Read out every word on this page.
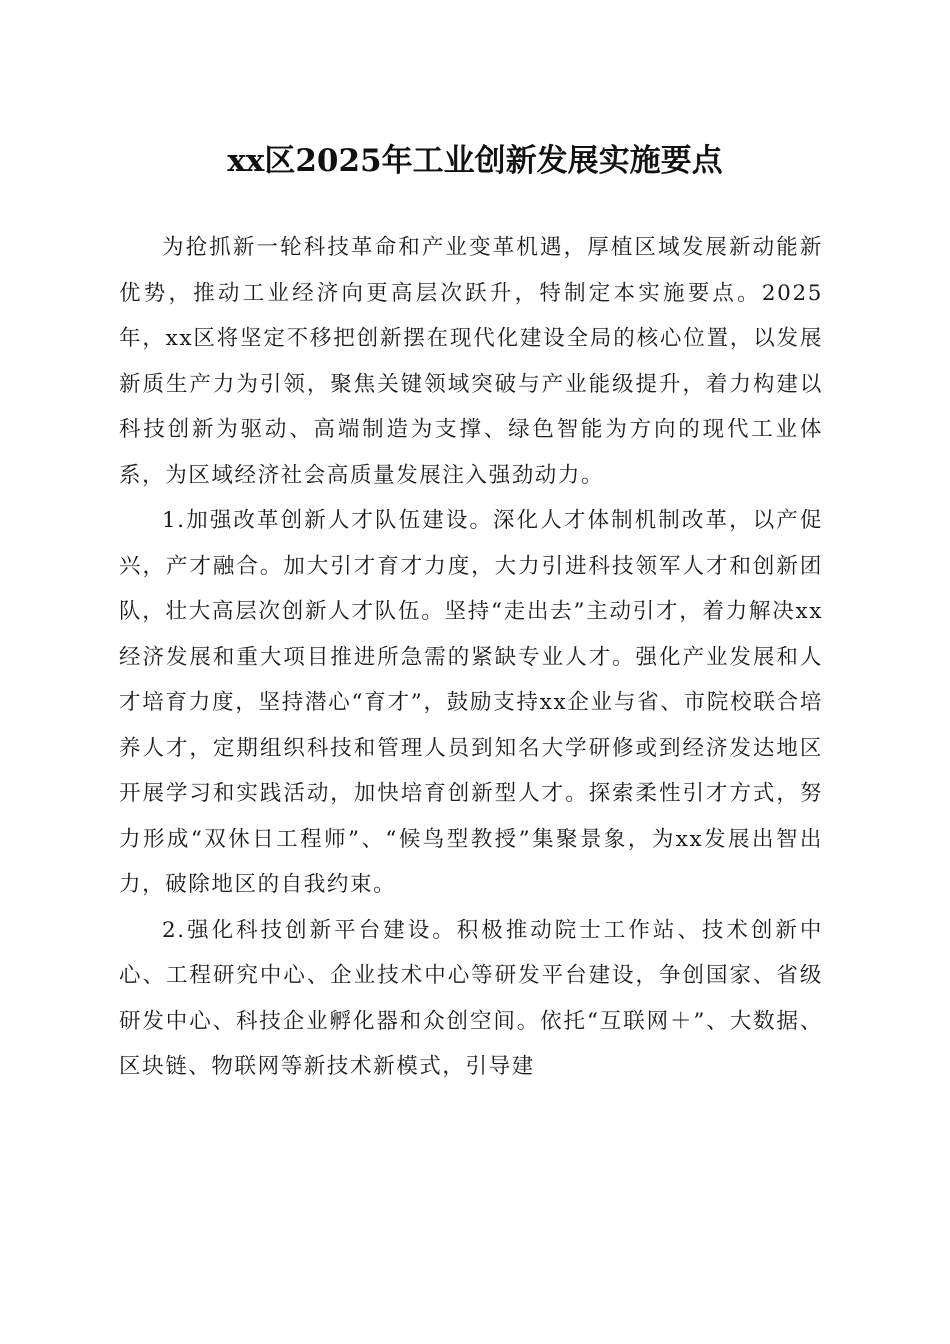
xx区2025年工业创新发展实施要点

为抢抓新一轮科技革命和产业变革机遇，厚植区域发展新动能新优势，推动工业经济向更高层次跃升，特制定本实施要点。2025年，xx区将坚定不移把创新摆在现代化建设全局的核心位置，以发展新质生产力为引领，聚焦关键领域突破与产业能级提升，着力构建以科技创新为驱动、高端制造为支撑、绿色智能为方向的现代工业体系，为区域经济社会高质量发展注入强劲动力。

1.加强改革创新人才队伍建设。深化人才体制机制改革，以产促兴，产才融合。加大引才育才力度，大力引进科技领军人才和创新团队，壮大高层次创新人才队伍。坚持“走出去”主动引才，着力解决xx经济发展和重大项目推进所急需的紧缺专业人才。强化产业发展和人才培育力度，坚持潜心“育才”，鼓励支持xx企业与省、市院校联合培养人才，定期组织科技和管理人员到知名大学研修或到经济发达地区开展学习和实践活动，加快培育创新型人才。探索柔性引才方式，努力形成“双休日工程师”、“候鸟型教授”集聚景象，为xx发展出智出力，破除地区的自我约束。

2.强化科技创新平台建设。积极推动院士工作站、技术创新中心、工程研究中心、企业技术中心等研发平台建设，争创国家、省级研发中心、科技企业孵化器和众创空间。依托“互联网＋”、大数据、区块链、物联网等新技术新模式，引导建
